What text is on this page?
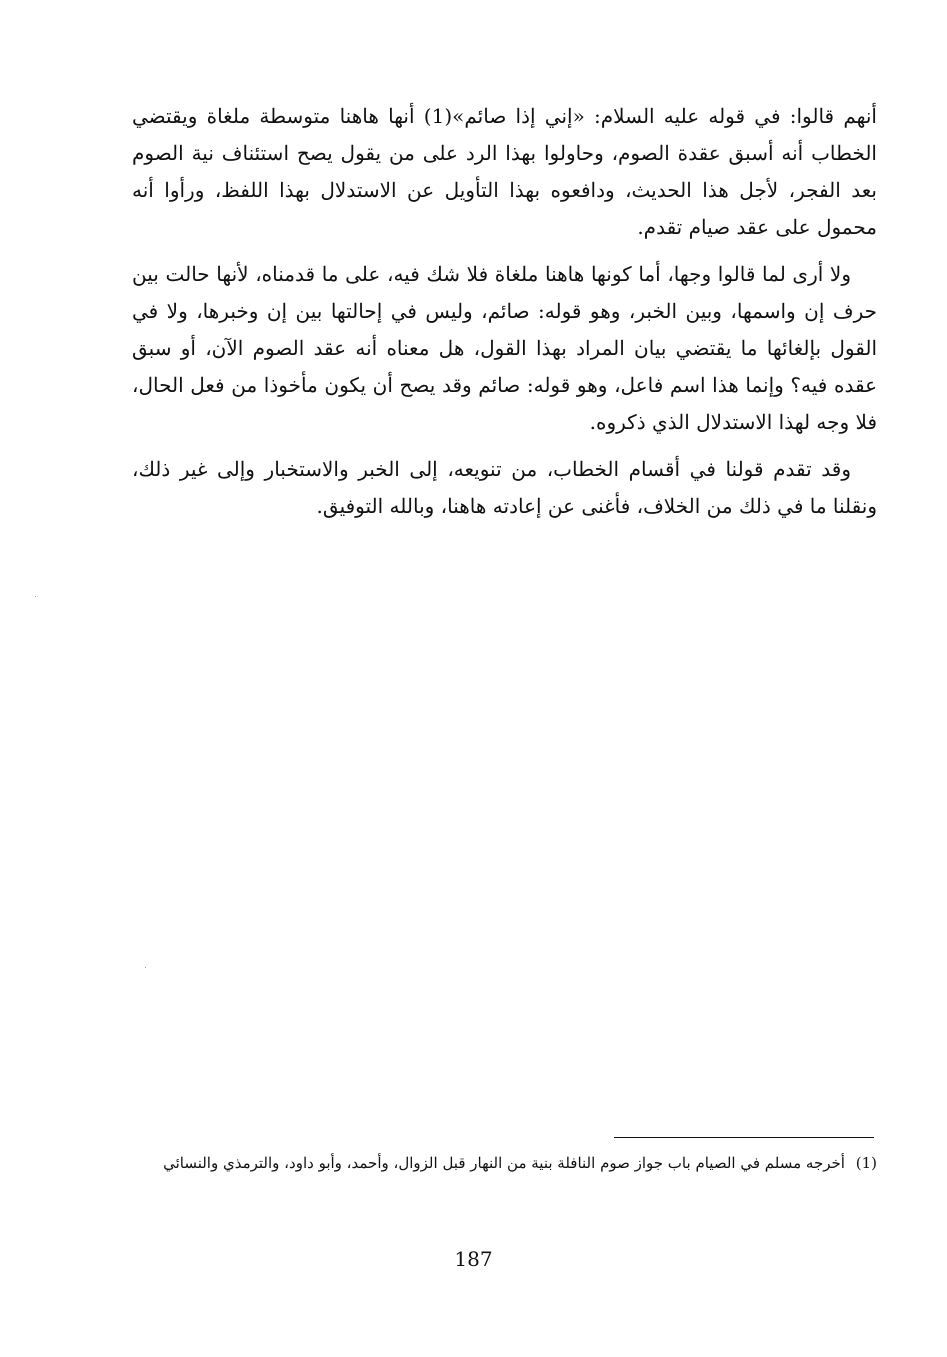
أنهم قالوا: في قوله عليه السلام: «إني إذا صائم»(1) أنها هاهنا متوسطة ملغاة ويقتضي الخطاب أنه أسبق عقدة الصوم، وحاولوا بهذا الرد على من يقول يصح استئناف نية الصوم بعد الفجر، لأجل هذا الحديث، ودافعوه بهذا التأويل عن الاستدلال بهذا اللفظ، ورأوا أنه محمول على عقد صيام تقدم.

ولا أرى لما قالوا وجها، أما كونها هاهنا ملغاة فلا شك فيه، على ما قدمناه، لأنها حالت بين حرف إن واسمها، وبين الخبر، وهو قوله: صائم، وليس في إحالتها بين إن وخبرها، ولا في القول بإلغائها ما يقتضي بيان المراد بهذا القول، هل معناه أنه عقد الصوم الآن، أو سبق عقده فيه؟ وإنما هذا اسم فاعل، وهو قوله: صائم وقد يصح أن يكون مأخوذا من فعل الحال، فلا وجه لهذا الاستدلال الذي ذكروه.

وقد تقدم قولنا في أقسام الخطاب، من تنويعه، إلى الخبر والاستخبار وإلى غير ذلك، ونقلنا ما في ذلك من الخلاف، فأغنى عن إعادته هاهنا، وبالله التوفيق.

(1) أخرجه مسلم في الصيام باب جواز صوم النافلة بنية من النهار قبل الزوال، وأحمد، وأبو داود، والترمذي والنسائي
187
